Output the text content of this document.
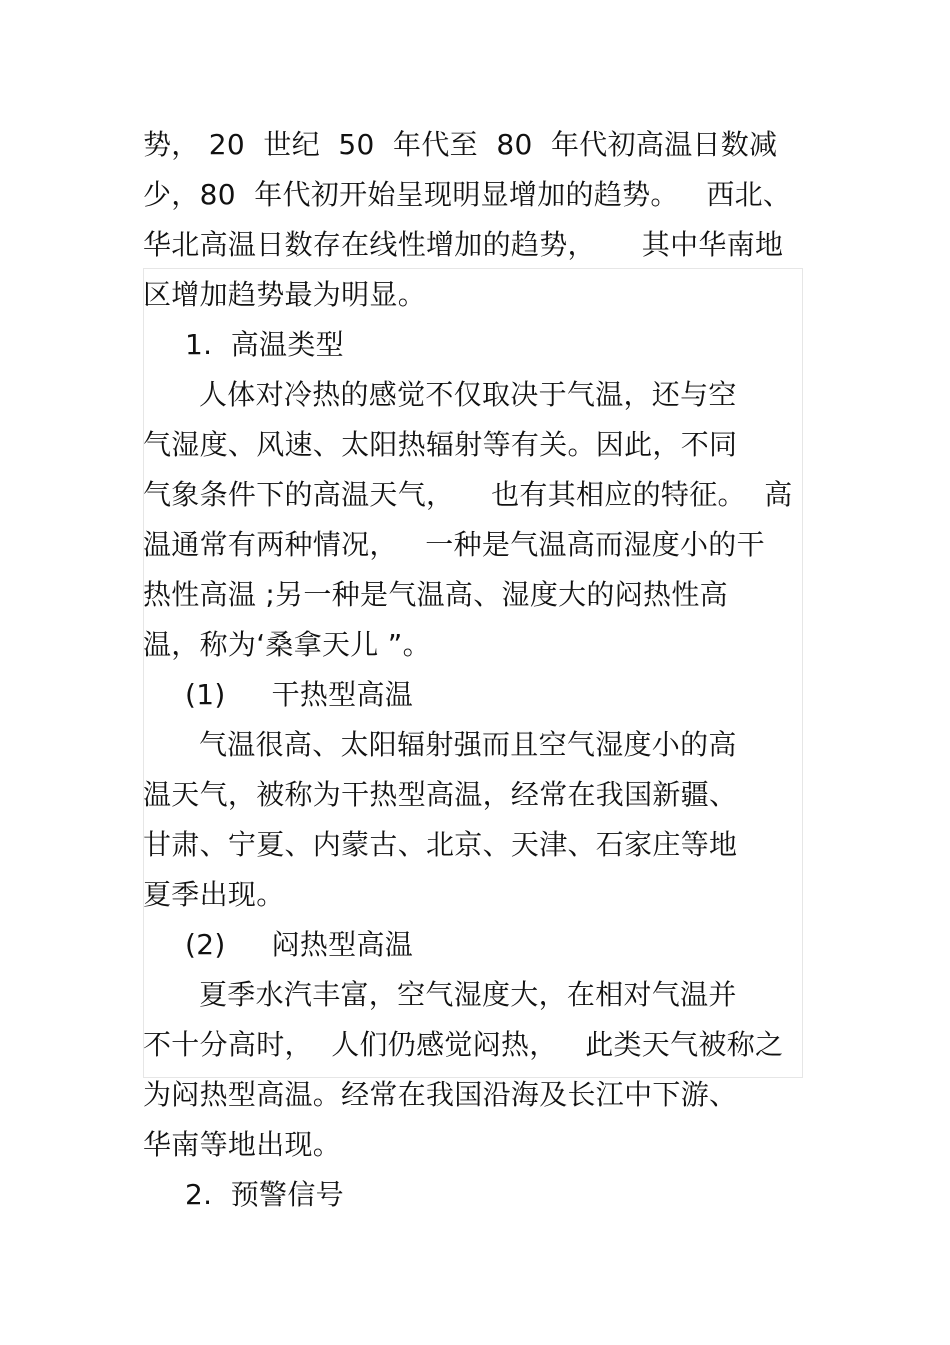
势， 20  世纪  50  年代至  80  年代初高温日数减
少，80  年代初开始呈现明显增加的趋势。   西北、
华北高温日数存在线性增加的趋势，     其中华南地
区增加趋势最为明显。
1.  高温类型
人体对冷热的感觉不仅取决于气温，还与空
气湿度、风速、太阳热辐射等有关。因此，不同
气象条件下的高温天气，    也有其相应的特征。  高
温通常有两种情况，   一种是气温高而湿度小的干
热性高温 ;另一种是气温高、湿度大的闷热性高
温，称为‘桑拿天儿 ”。
(1)     干热型高温
气温很高、太阳辐射强而且空气湿度小的高
温天气，被称为干热型高温，经常在我国新疆、
甘肃、宁夏、内蒙古、北京、天津、石家庄等地
夏季出现。
(2)     闷热型高温
夏季水汽丰富，空气湿度大，在相对气温并
不十分高时，  人们仍感觉闷热，   此类天气被称之
为闷热型高温。经常在我国沿海及长江中下游、
华南等地出现。
2.  预警信号
